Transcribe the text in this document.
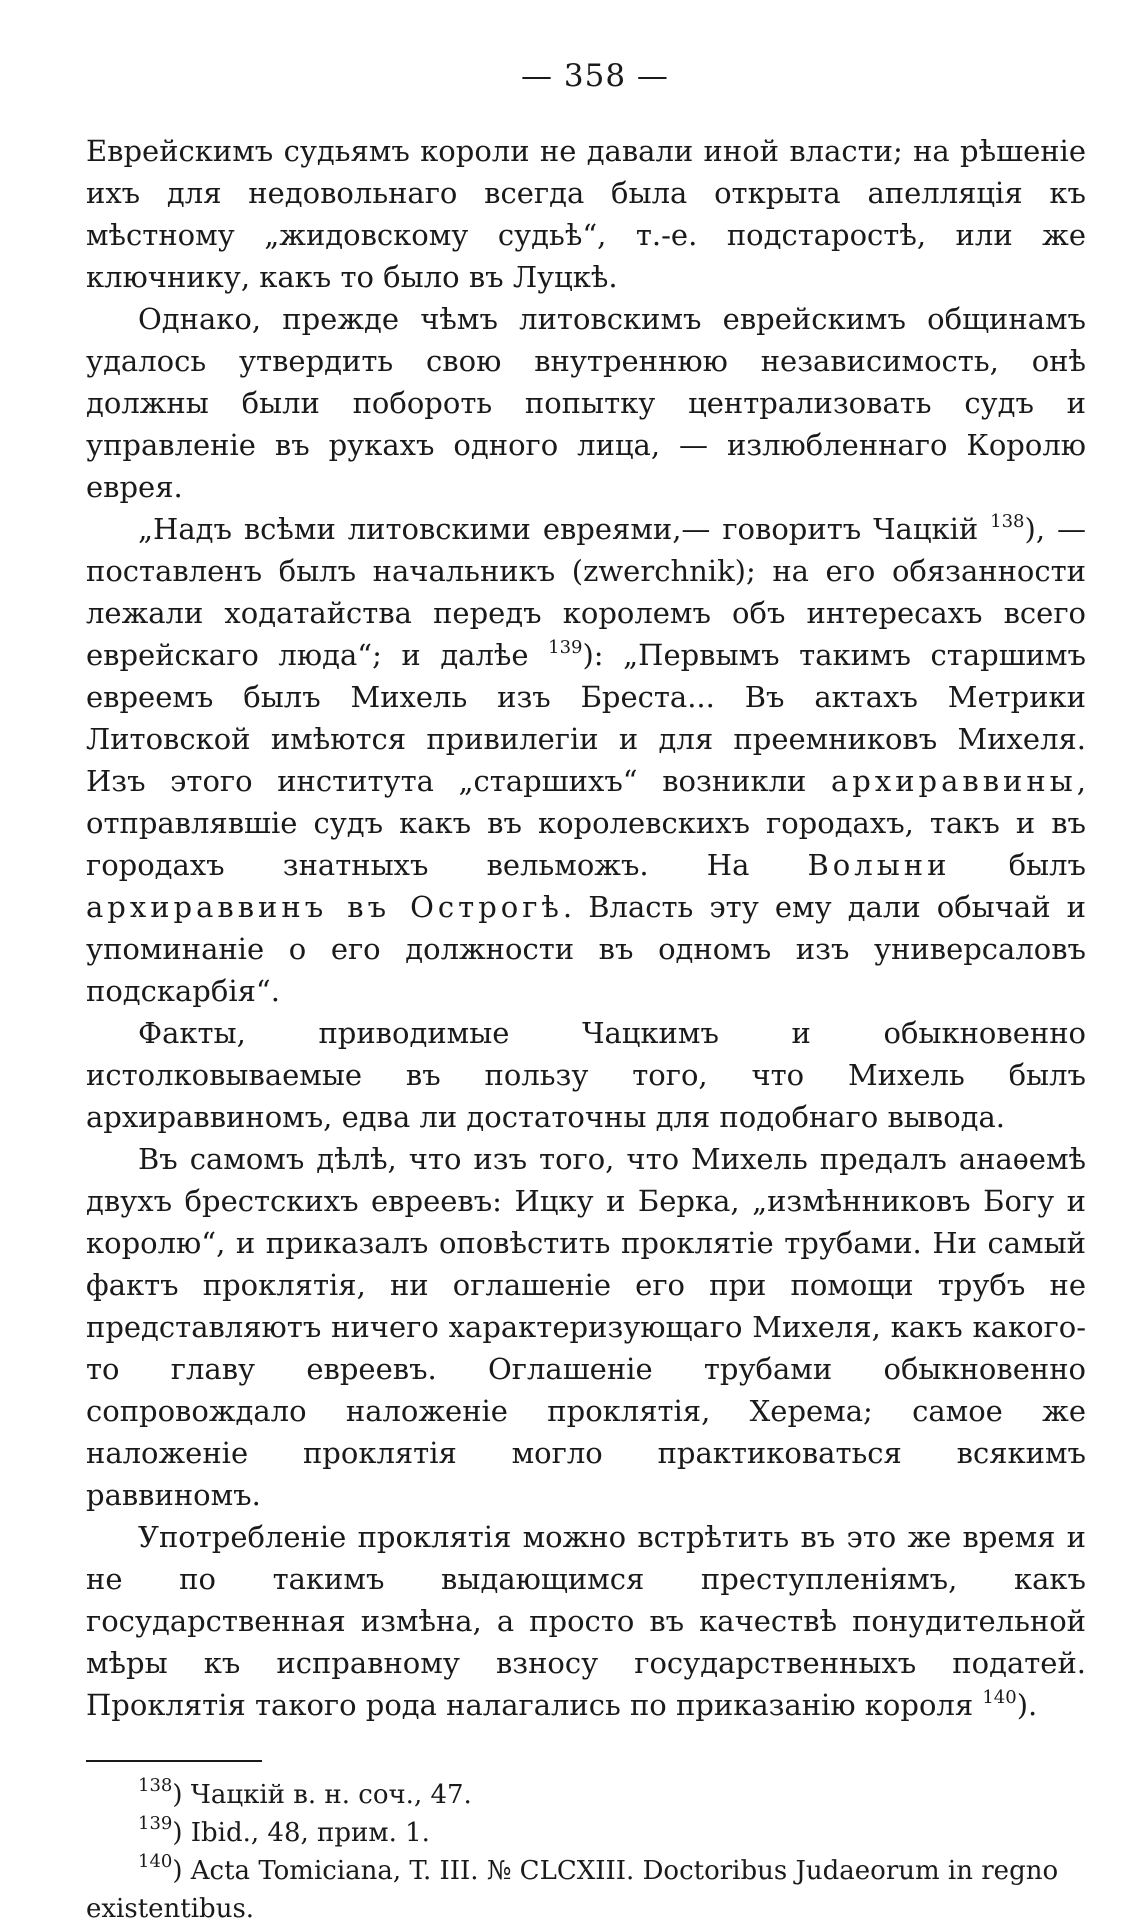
— 358 —

Еврейскимъ судьямъ короли не давали иной власти; на рѣшеніе ихъ для недовольнаго всегда была открыта апелляція къ мѣстному „жидовскому судьѣ“, т.-е. подстаростѣ, или же ключнику, какъ то было въ Луцкѣ.

Однако, прежде чѣмъ литовскимъ еврейскимъ общинамъ удалось утвердить свою внутреннюю независимость, онѣ должны были побороть попытку централизовать судъ и управленіе въ рукахъ одного лица, — излюбленнаго Королю еврея.

„Надъ всѣми литовскими евреями,— говоритъ Чацкій $^{138}$), — поставленъ былъ начальникъ (zwerchnik); на его обязанности лежали ходатайства передъ королемъ объ интересахъ всего еврейскаго люда“; и далѣе $^{139}$): „Первымъ такимъ старшимъ евреемъ былъ Михель изъ Бреста... Въ актахъ Метрики Литовской имѣются привилегіи и для преемниковъ Михеля. Изъ этого института „старшихъ“ возникли архираввины, отправлявшіе судъ какъ въ королевскихъ городахъ, такъ и въ городахъ знатныхъ вельможъ. На Волыни былъ архираввинъ въ Острогѣ. Власть эту ему дали обычай и упоминаніе о его должности въ одномъ изъ универсаловъ подскарбія“.

Факты, приводимые Чацкимъ и обыкновенно истолковываемые въ пользу того, что Михель былъ архираввиномъ, едва ли достаточны для подобнаго вывода.

Въ самомъ дѣлѣ, что изъ того, что Михель предалъ анаѳемѣ двухъ брестскихъ евреевъ: Ицку и Берка, „измѣнниковъ Богу и королю“, и приказалъ оповѣстить проклятіе трубами. Ни самый фактъ проклятія, ни оглашеніе его при помощи трубъ не представляютъ ничего характеризующаго Михеля, какъ какого-то главу евреевъ. Оглашеніе трубами обыкновенно сопровождало наложеніе проклятія, Херема; самое же наложеніе проклятія могло практиковаться всякимъ раввиномъ.

Употребленіе проклятія можно встрѣтить въ это же время и не по такимъ выдающимся преступленіямъ, какъ государственная измѣна, а просто въ качествѣ понудительной мѣры къ исправному взносу государственныхъ податей. Проклятія такого рода налагались по приказанію короля $^{140}$).

$^{138}$) Чацкій в. н. соч., 47.

$^{139}$) Ibid., 48, прим. 1.

$^{140}$) Acta Tomiciana, T. III. № CLCXIII. Doctoribus Judaeorum in regno existentibus.
